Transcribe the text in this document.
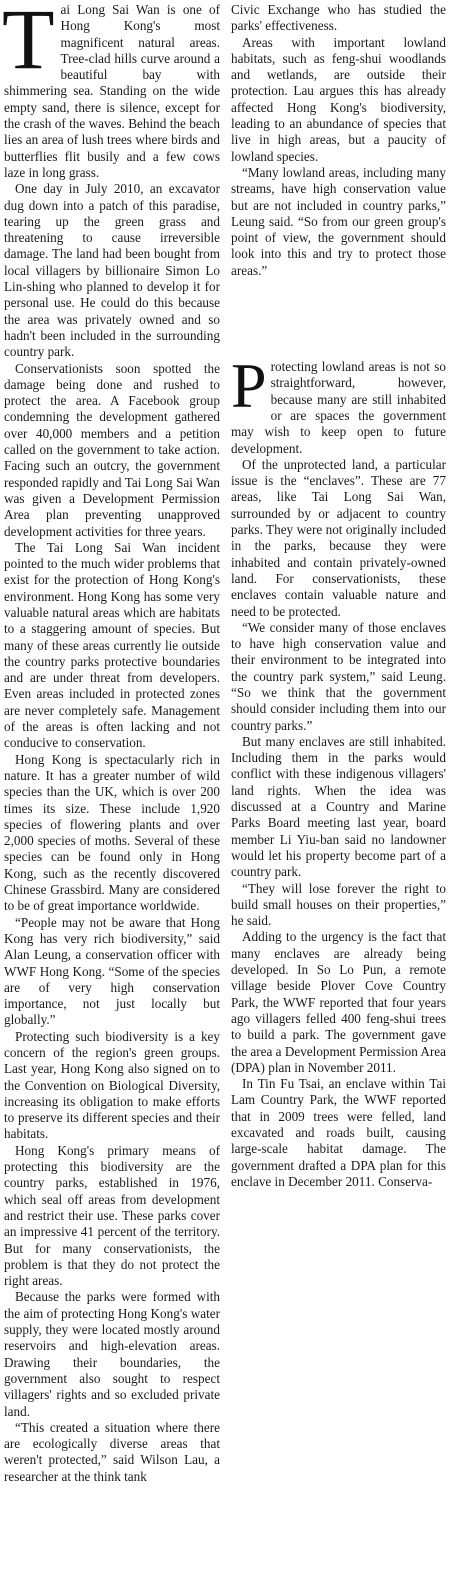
Tai Long Sai Wan is one of Hong Kong's most magnificent natural areas. Tree-clad hills curve around a beautiful bay with shimmering sea. Standing on the wide empty sand, there is silence, except for the crash of the waves. Behind the beach lies an area of lush trees where birds and butterflies flit busily and a few cows laze in long grass.

One day in July 2010, an excavator dug down into a patch of this paradise, tearing up the green grass and threatening to cause irreversible damage. The land had been bought from local villagers by billionaire Simon Lo Lin-shing who planned to develop it for personal use. He could do this because the area was privately owned and so hadn't been included in the surrounding country park.

Conservationists soon spotted the damage being done and rushed to protect the area. A Facebook group condemning the development gathered over 40,000 members and a petition called on the government to take action. Facing such an outcry, the government responded rapidly and Tai Long Sai Wan was given a Development Permission Area plan preventing unapproved development activities for three years.

The Tai Long Sai Wan incident pointed to the much wider problems that exist for the protection of Hong Kong's environment. Hong Kong has some very valuable natural areas which are habitats to a staggering amount of species. But many of these areas currently lie outside the country parks protective boundaries and are under threat from developers. Even areas included in protected zones are never completely safe. Management of the areas is often lacking and not conducive to conservation.

Hong Kong is spectacularly rich in nature. It has a greater number of wild species than the UK, which is over 200 times its size. These include 1,920 species of flowering plants and over 2,000 species of moths. Several of these species can be found only in Hong Kong, such as the recently discovered Chinese Grassbird. Many are considered to be of great importance worldwide.

“People may not be aware that Hong Kong has very rich biodiversity,” said Alan Leung, a conservation officer with WWF Hong Kong. “Some of the species are of very high conservation importance, not just locally but globally.”

Protecting such biodiversity is a key concern of the region's green groups. Last year, Hong Kong also signed on to the Convention on Biological Diversity, increasing its obligation to make efforts to preserve its different species and their habitats.

Hong Kong's primary means of protecting this biodiversity are the country parks, established in 1976, which seal off areas from development and restrict their use. These parks cover an impressive 41 percent of the territory. But for many conservationists, the problem is that they do not protect the right areas.

Because the parks were formed with the aim of protecting Hong Kong's water supply, they were located mostly around reservoirs and high-elevation areas. Drawing their boundaries, the government also sought to respect villagers' rights and so excluded private land.

“This created a situation where there are ecologically diverse areas that weren't protected,” said Wilson Lau, a researcher at the think tank

Civic Exchange who has studied the parks' effectiveness.

Areas with important lowland habitats, such as feng-shui woodlands and wetlands, are outside their protection. Lau argues this has already affected Hong Kong's biodiversity, leading to an abundance of species that live in high areas, but a paucity of lowland species.

“Many lowland areas, including many streams, have high conservation value but are not included in country parks,” Leung said. “So from our green group's point of view, the government should look into this and try to protect those areas.”

Protecting lowland areas is not so straightforward, however, because many are still inhabited or are spaces the government may wish to keep open to future development.

Of the unprotected land, a particular issue is the “enclaves”. These are 77 areas, like Tai Long Sai Wan, surrounded by or adjacent to country parks. They were not originally included in the parks, because they were inhabited and contain privately-owned land. For conservationists, these enclaves contain valuable nature and need to be protected.

“We consider many of those enclaves to have high conservation value and their environment to be integrated into the country park system,” said Leung. “So we think that the government should consider including them into our country parks.”

But many enclaves are still inhabited. Including them in the parks would conflict with these indigenous villagers' land rights. When the idea was discussed at a Country and Marine Parks Board meeting last year, board member Li Yiu-ban said no landowner would let his property become part of a country park.

“They will lose forever the right to build small houses on their properties,” he said.

Adding to the urgency is the fact that many enclaves are already being developed. In So Lo Pun, a remote village beside Plover Cove Country Park, the WWF reported that four years ago villagers felled 400 feng-shui trees to build a park. The government gave the area a Development Permission Area (DPA) plan in November 2011.

In Tin Fu Tsai, an enclave within Tai Lam Country Park, the WWF reported that in 2009 trees were felled, land excavated and roads built, causing large-scale habitat damage. The government drafted a DPA plan for this enclave in December 2011. Conserva-
